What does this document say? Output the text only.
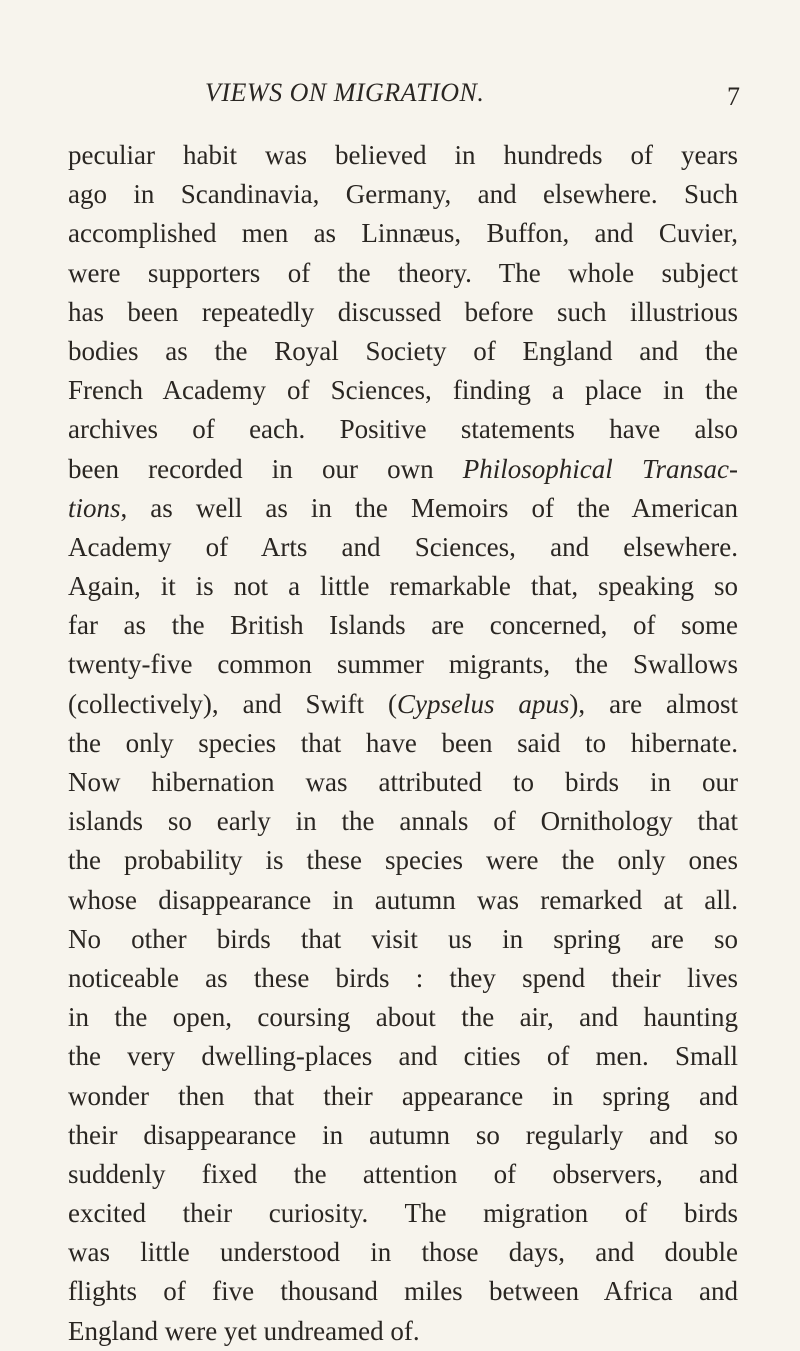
VIEWS ON MIGRATION.	7
peculiar habit was believed in hundreds of years
ago in Scandinavia, Germany, and elsewhere. Such
accomplished men as Linnæus, Buffon, and Cuvier,
were supporters of the theory. The whole subject
has been repeatedly discussed before such illustrious
bodies as the Royal Society of England and the
French Academy of Sciences, finding a place in the
archives of each. Positive statements have also
been recorded in our own Philosophical Transac-
tions, as well as in the Memoirs of the American
Academy of Arts and Sciences, and elsewhere.
Again, it is not a little remarkable that, speaking so
far as the British Islands are concerned, of some
twenty-five common summer migrants, the Swallows
(collectively), and Swift (Cypselus apus), are almost
the only species that have been said to hibernate.
Now hibernation was attributed to birds in our
islands so early in the annals of Ornithology that
the probability is these species were the only ones
whose disappearance in autumn was remarked at all.
No other birds that visit us in spring are so
noticeable as these birds : they spend their lives
in the open, coursing about the air, and haunting
the very dwelling-places and cities of men. Small
wonder then that their appearance in spring and
their disappearance in autumn so regularly and so
suddenly fixed the attention of observers, and
excited their curiosity. The migration of birds
was little understood in those days, and double
flights of five thousand miles between Africa and
England were yet undreamed of.
